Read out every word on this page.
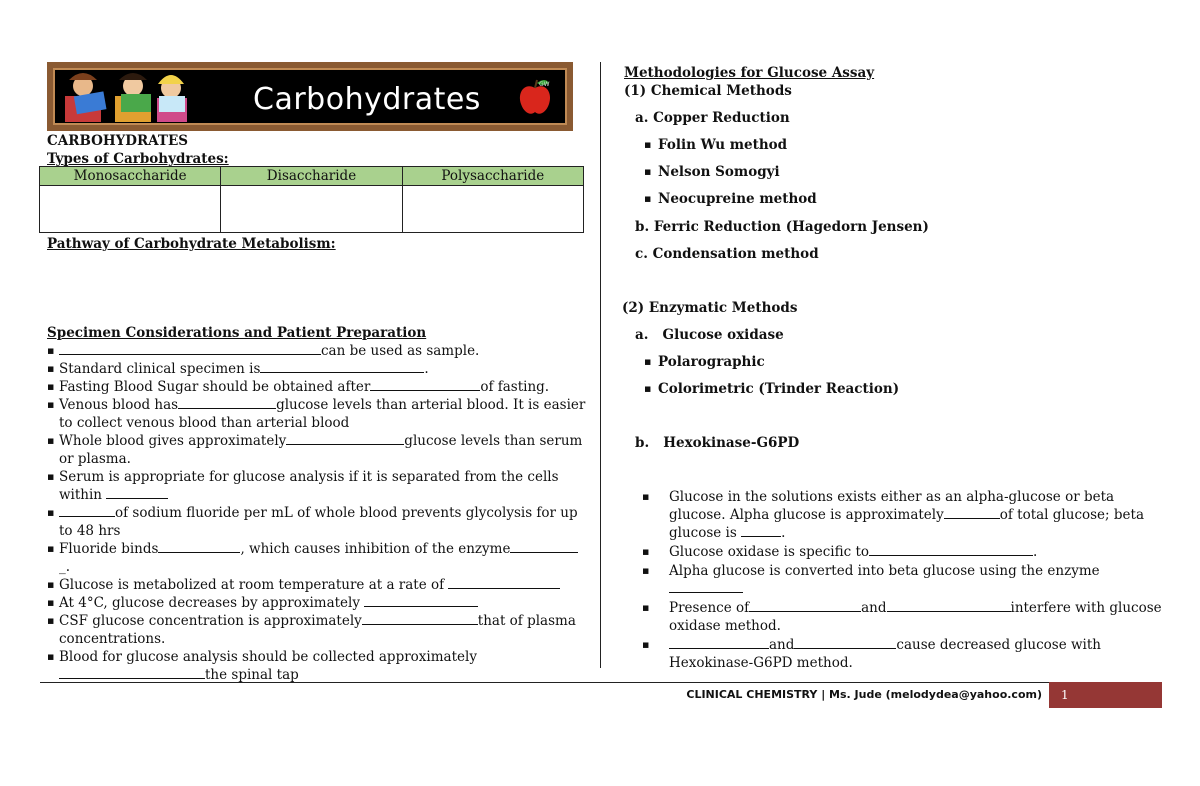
Carbohydrates	GW
CARBOHYDRATES
Types of Carbohydrates:
Monosaccharide	Disaccharide	Polysaccharide

Pathway of Carbohydrate Metabolism:
Specimen Considerations and Patient Preparation
▪ can be used as sample.
▪ Standard clinical specimen is	.
▪ Fasting Blood Sugar should be obtained after	of fasting.
▪ Venous blood has	glucose levels than arterial blood. It is easier to collect venous blood than arterial blood
▪ Whole blood gives approximately	glucose levels than serum or plasma.
▪ Serum is appropriate for glucose analysis if it is separated from the cells within
▪ of sodium fluoride per mL of whole blood prevents glycolysis for up to 48 hrs
▪ Fluoride binds	, which causes inhibition of the enzyme_.
▪ Glucose is metabolized at room temperature at a rate of
▪ At 4°C, glucose decreases by approximately
▪ CSF glucose concentration is approximately	that of plasma concentrations.
▪ Blood for glucose analysis should be collected approximately
the spinal tap
Methodologies for Glucose Assay
(1) Chemical Methods
a. Copper Reduction
▪ Folin Wu method
▪ Nelson Somogyi
▪ Neocupreine method
b. Ferric Reduction (Hagedorn Jensen)
c. Condensation method
(2) Enzymatic Methods
a.   Glucose oxidase
▪ Polarographic
▪ Colorimetric (Trinder Reaction)
b.   Hexokinase-G6PD
▪ Glucose in the solutions exists either as an alpha-glucose or beta glucose. Alpha glucose is approximately	of total glucose; beta glucose is	.
▪ Glucose oxidase is specific to	.
▪ Alpha glucose is converted into beta glucose using the enzyme

▪ Presence of	and	interfere with glucose oxidase method.
▪ and	cause decreased glucose with Hexokinase-G6PD method.
CLINICAL CHEMISTRY | Ms. Jude (melodydea@yahoo.com) 1
